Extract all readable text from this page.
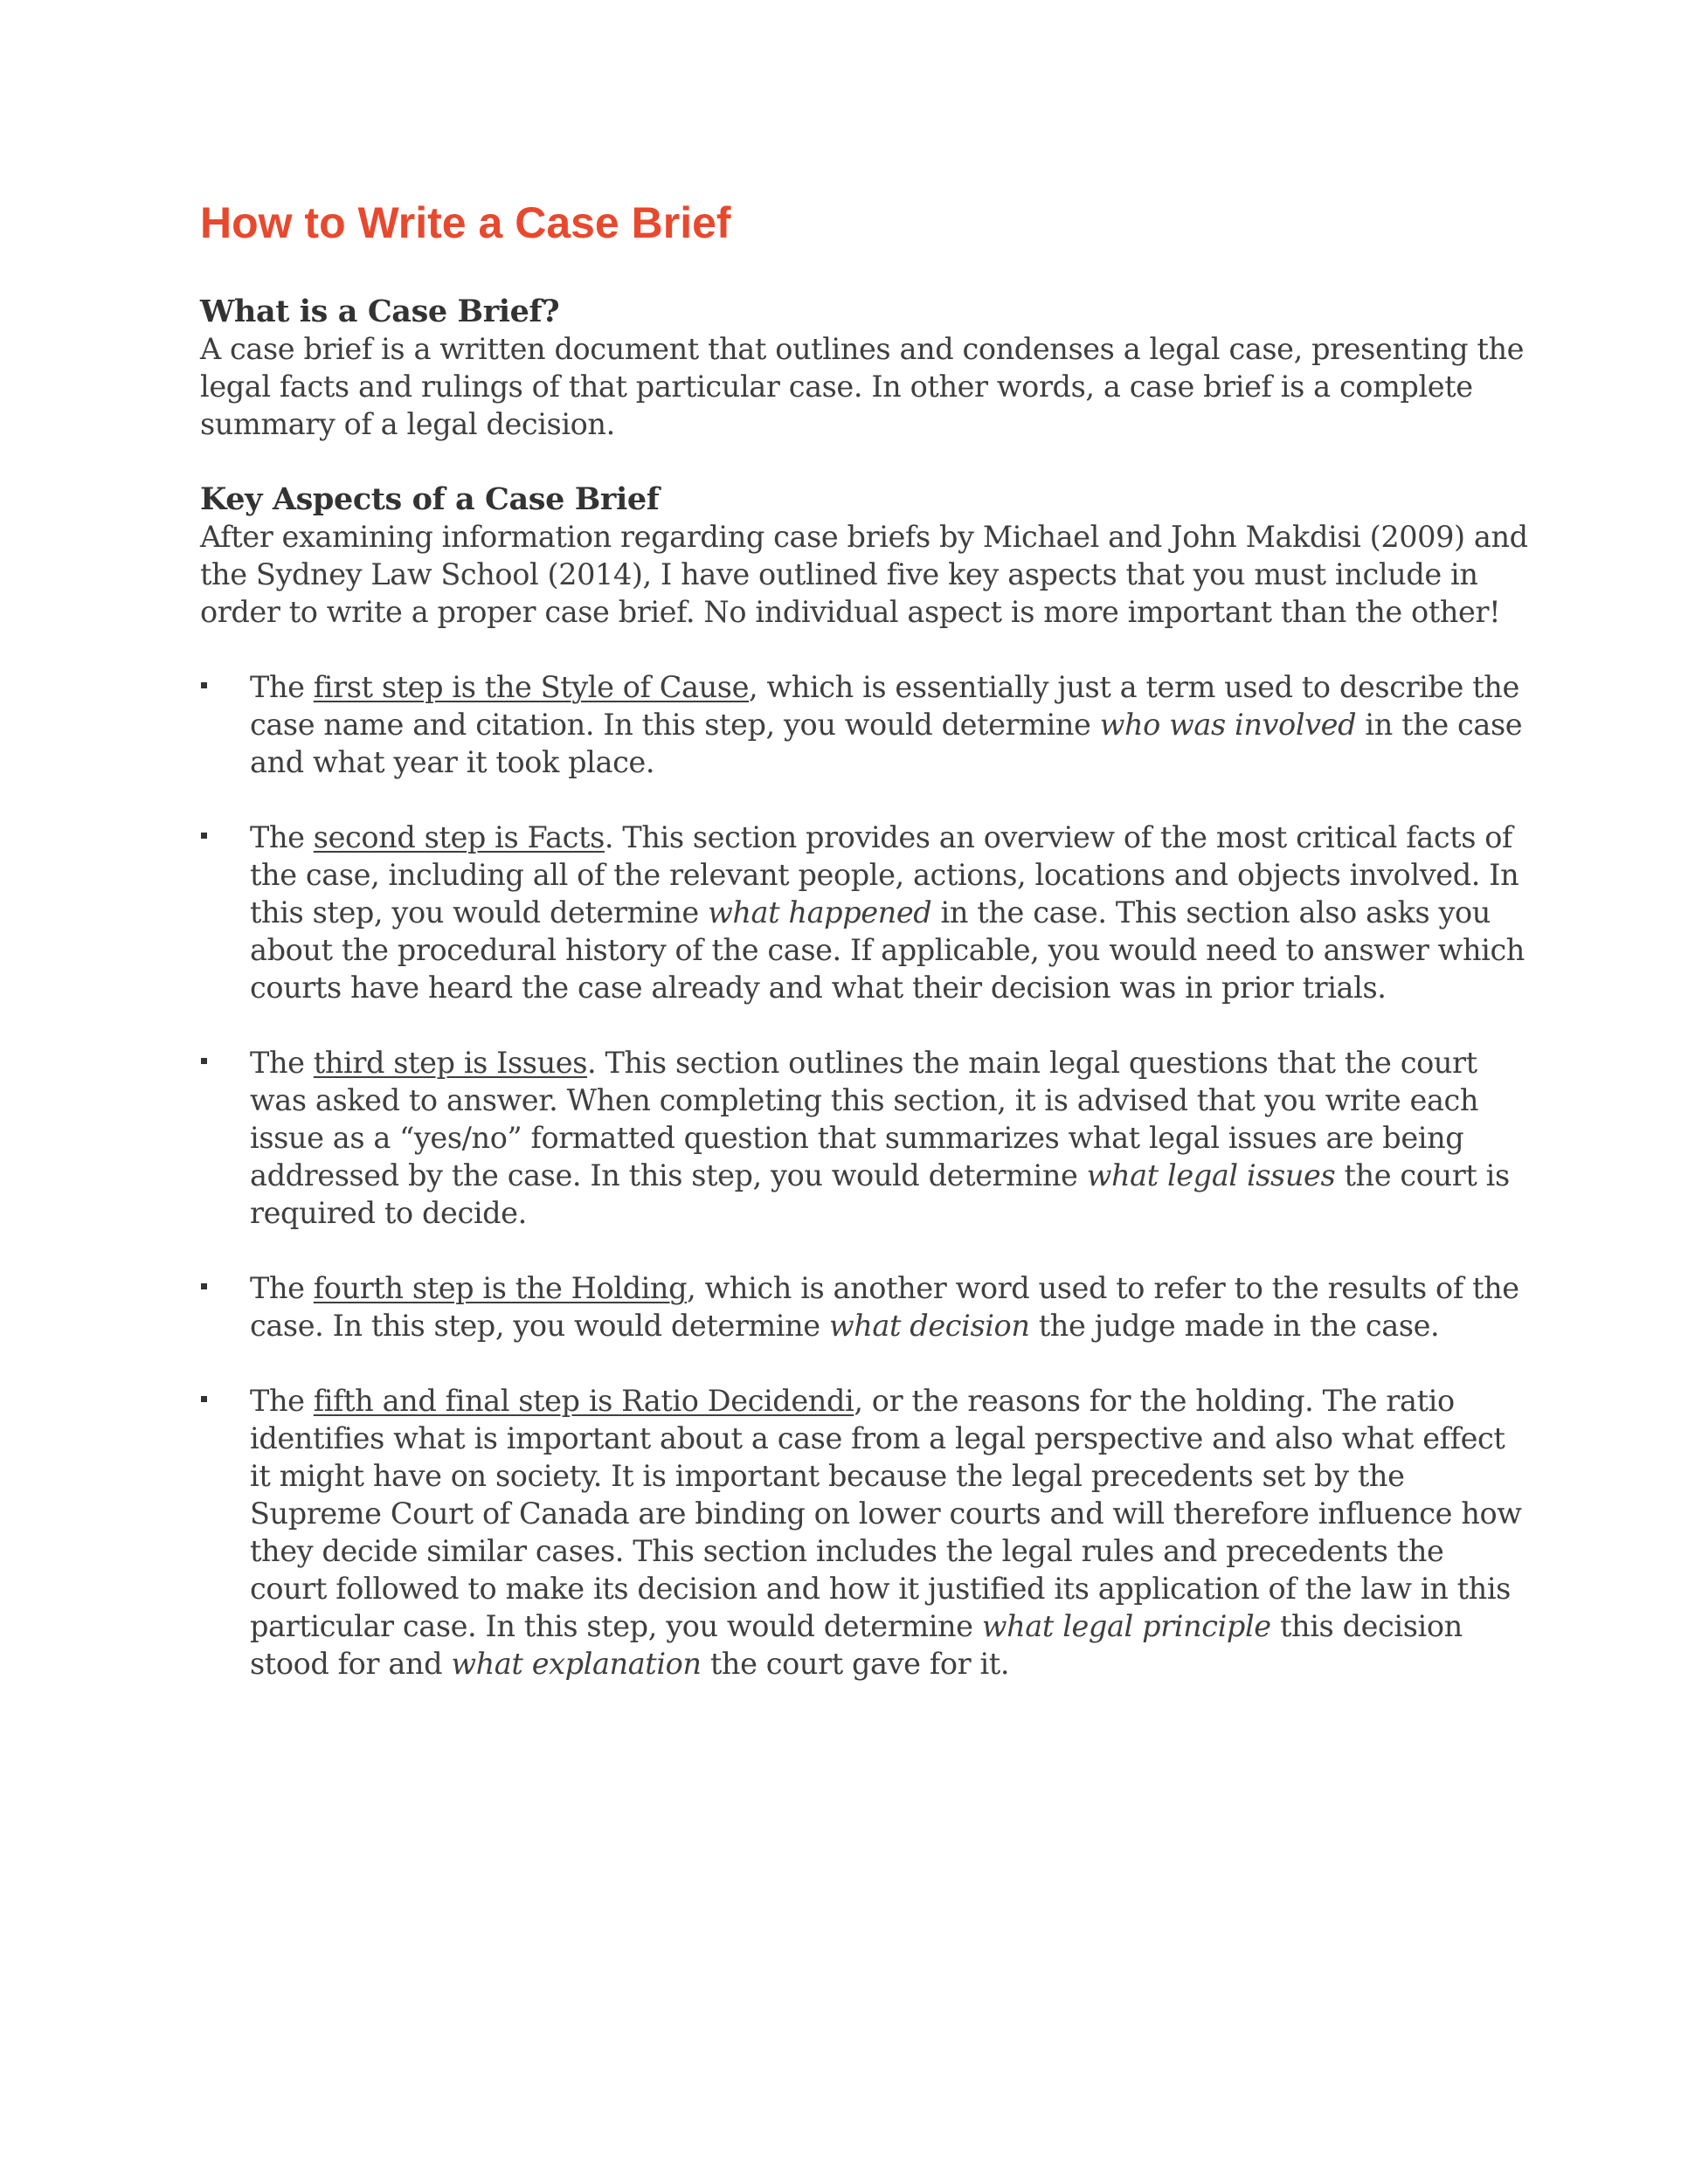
How to Write a Case Brief
What is a Case Brief?

A case brief is a written document that outlines and condenses a legal case, presenting the legal facts and rulings of that particular case. In other words, a case brief is a complete summary of a legal decision.

Key Aspects of a Case Brief

After examining information regarding case briefs by Michael and John Makdisi (2009) and the Sydney Law School (2014), I have outlined five key aspects that you must include in order to write a proper case brief. No individual aspect is more important than the other!

The first step is the Style of Cause, which is essentially just a term used to describe the case name and citation. In this step, you would determine who was involved in the case and what year it took place.
The second step is Facts. This section provides an overview of the most critical facts of the case, including all of the relevant people, actions, locations and objects involved. In this step, you would determine what happened in the case. This section also asks you about the procedural history of the case. If applicable, you would need to answer which courts have heard the case already and what their decision was in prior trials.
The third step is Issues. This section outlines the main legal questions that the court was asked to answer. When completing this section, it is advised that you write each issue as a “yes/no” formatted question that summarizes what legal issues are being addressed by the case. In this step, you would determine what legal issues the court is required to decide.
The fourth step is the Holding, which is another word used to refer to the results of the case. In this step, you would determine what decision the judge made in the case.
The fifth and final step is Ratio Decidendi, or the reasons for the holding. The ratio identifies what is important about a case from a legal perspective and also what effect it might have on society. It is important because the legal precedents set by the Supreme Court of Canada are binding on lower courts and will therefore influence how they decide similar cases. This section includes the legal rules and precedents the court followed to make its decision and how it justified its application of the law in this particular case. In this step, you would determine what legal principle this decision stood for and what explanation the court gave for it.
